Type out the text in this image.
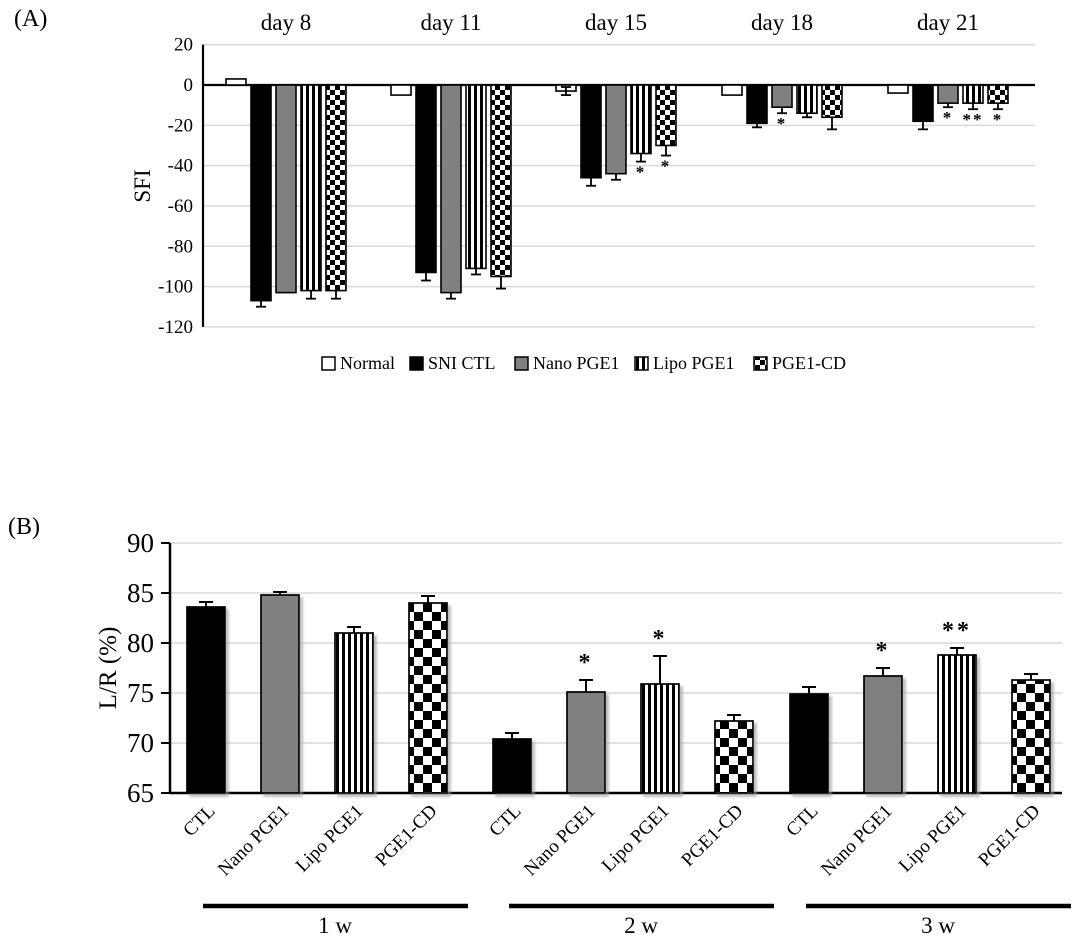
(A)
20
0
-20
-40
-60
-80
-100
-120
SFI
day 8	day 11	day 15	day 18	day 21
*	*
*
**
*
*
Normal SNI CTL Nano PGE1 Lipo PGE1 PGE1-CD
(B)
90
85
80
75
70
65
L/R (%)
CTL
Nano PGE1
Lipo PGE1 PGE1-CD
1 w
CTL
*
Nano PGE1
*
Lipo PGE1 PGE1-CD
2 w
CTL
*
Nano PGE1
**
Lipo PGE1 PGE1-CD
3 w
